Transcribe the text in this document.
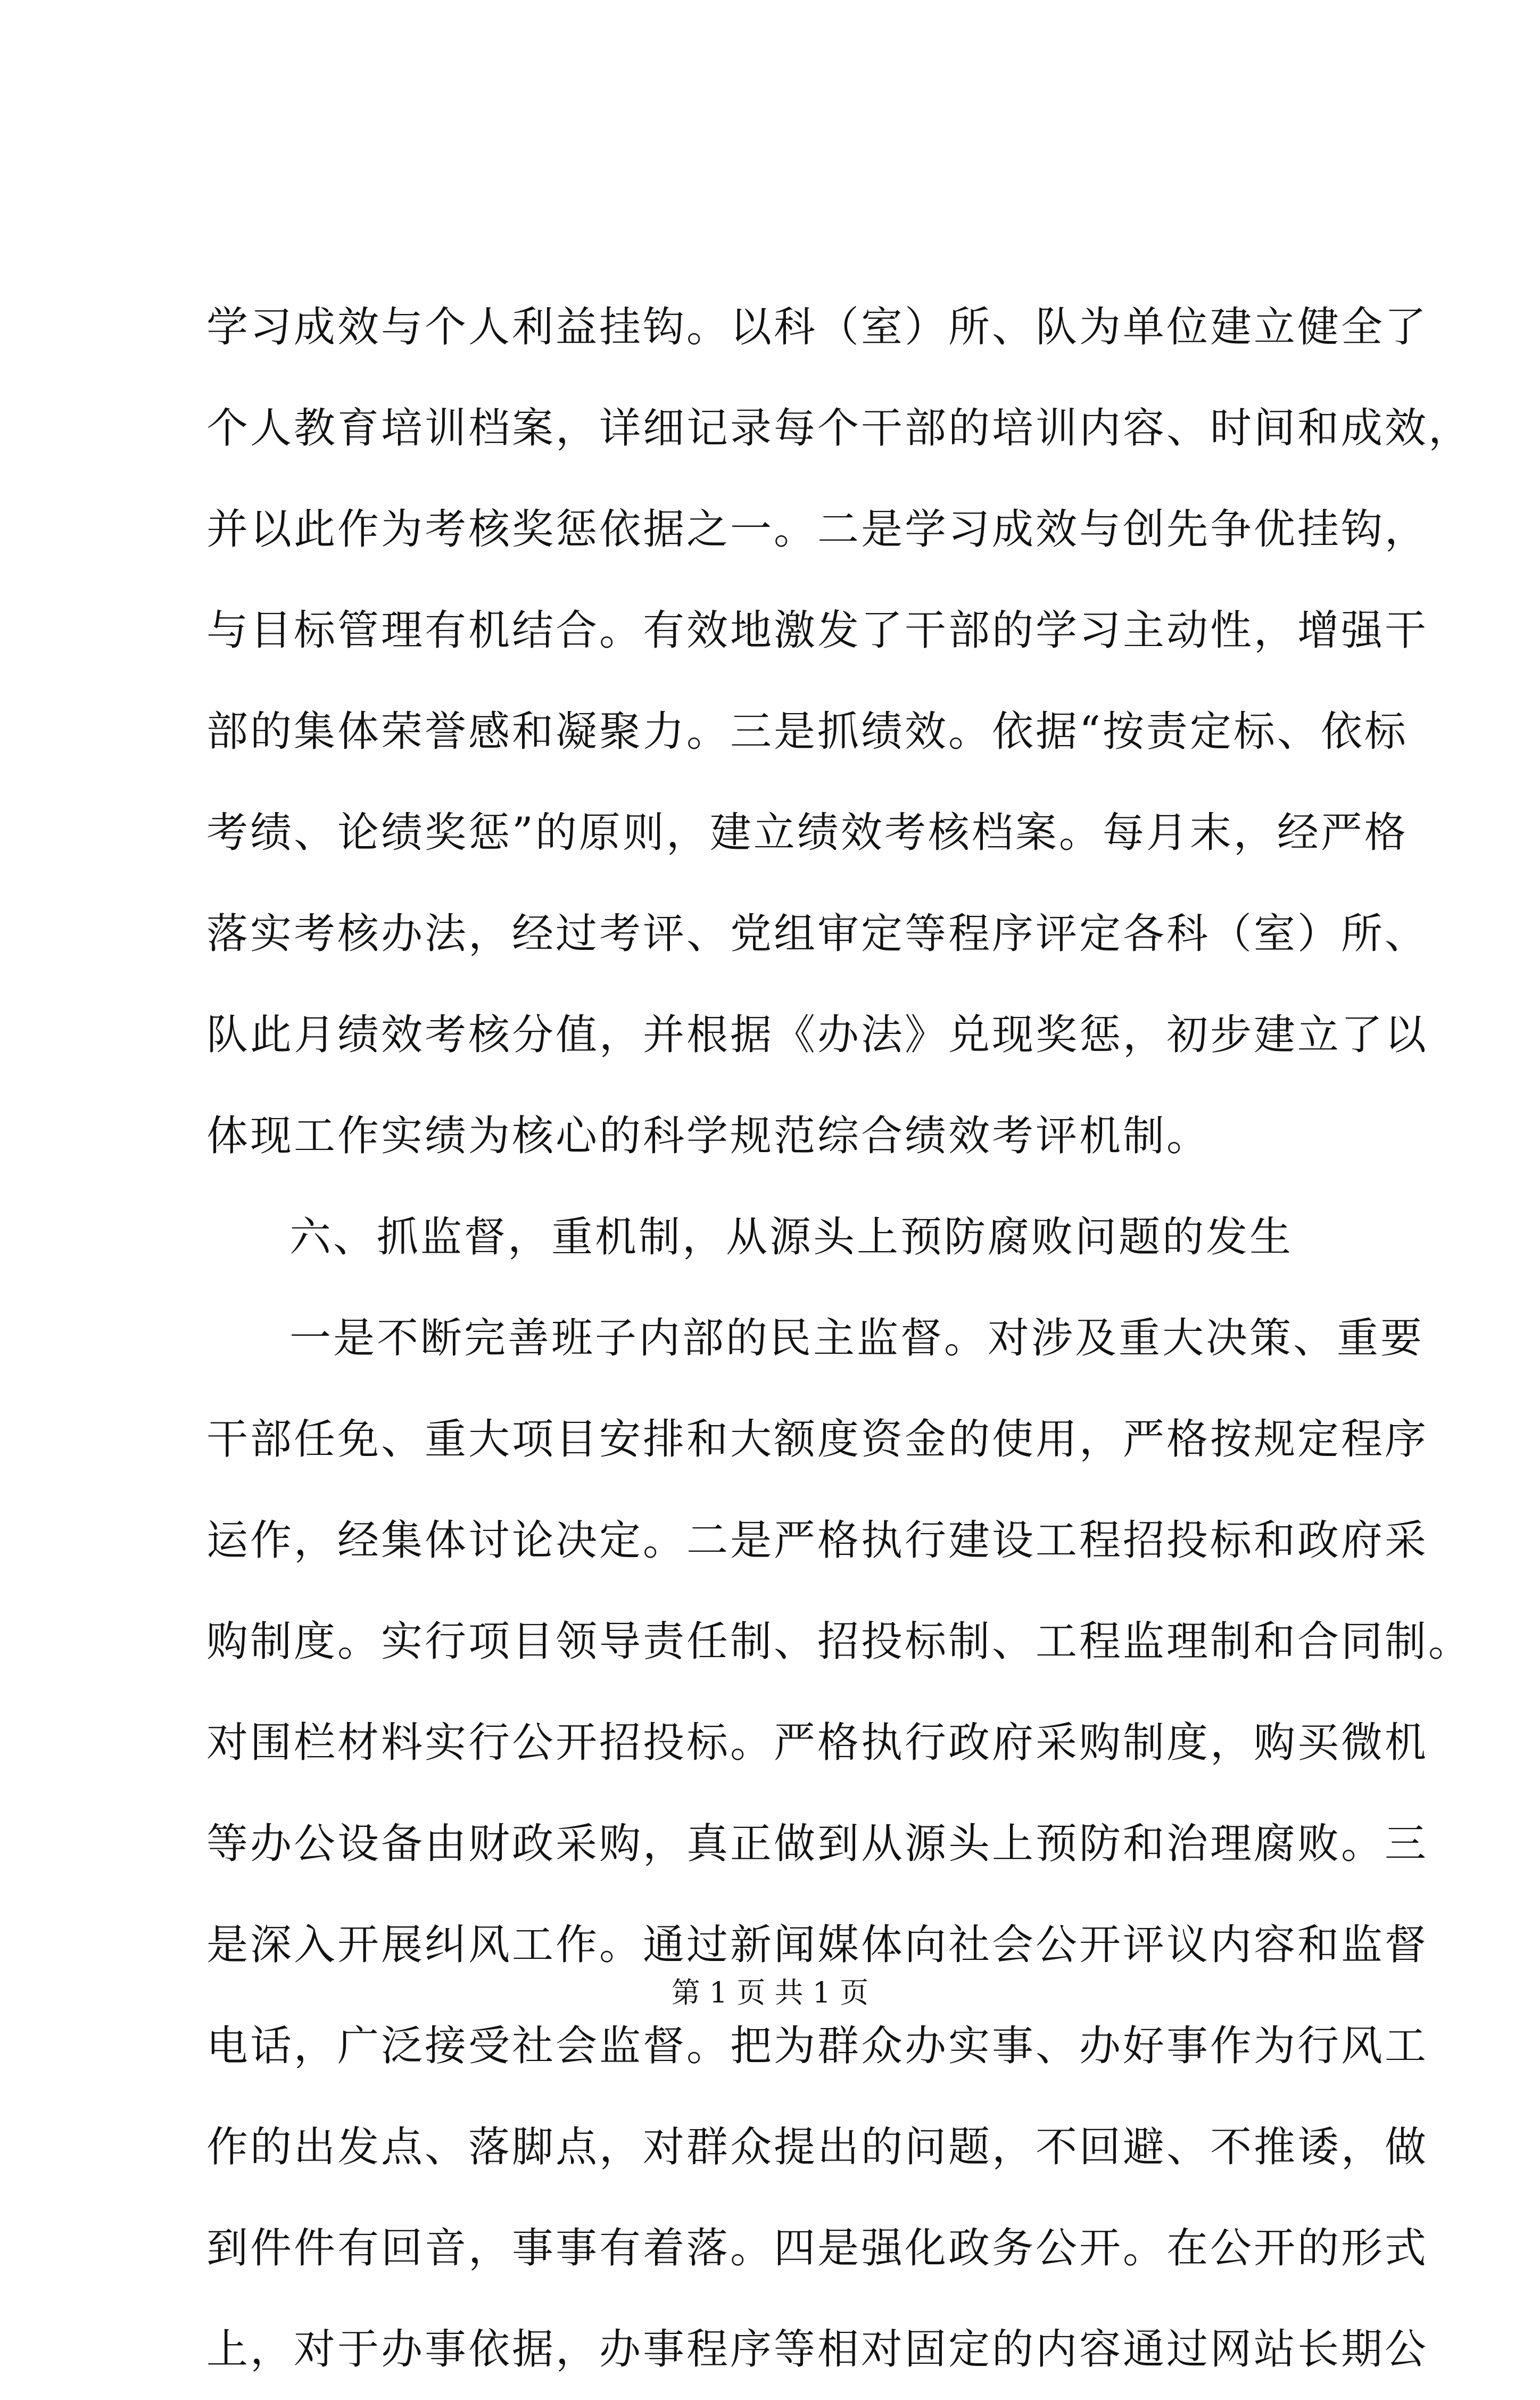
学习成效与个人利益挂钩。以科（室）所、队为单位建立健全了
个人教育培训档案，详细记录每个干部的培训内容、时间和成效，
并以此作为考核奖惩依据之一。二是学习成效与创先争优挂钩，
与目标管理有机结合。有效地激发了干部的学习主动性，增强干
部的集体荣誉感和凝聚力。三是抓绩效。依据“按责定标、依标
考绩、论绩奖惩”的原则，建立绩效考核档案。每月末，经严格
落实考核办法，经过考评、党组审定等程序评定各科（室）所、
队此月绩效考核分值，并根据《办法》兑现奖惩，初步建立了以
体现工作实绩为核心的科学规范综合绩效考评机制。
六、抓监督，重机制，从源头上预防腐败问题的发生
一是不断完善班子内部的民主监督。对涉及重大决策、重要
干部任免、重大项目安排和大额度资金的使用，严格按规定程序
运作，经集体讨论决定。二是严格执行建设工程招投标和政府采
购制度。实行项目领导责任制、招投标制、工程监理制和合同制。
对围栏材料实行公开招投标。严格执行政府采购制度，购买微机
等办公设备由财政采购，真正做到从源头上预防和治理腐败。三
是深入开展纠风工作。通过新闻媒体向社会公开评议内容和监督
电话，广泛接受社会监督。把为群众办实事、办好事作为行风工
作的出发点、落脚点，对群众提出的问题，不回避、不推诿，做
到件件有回音，事事有着落。四是强化政务公开。在公开的形式
上，对于办事依据，办事程序等相对固定的内容通过网站长期公
第 1 页 共 1 页
